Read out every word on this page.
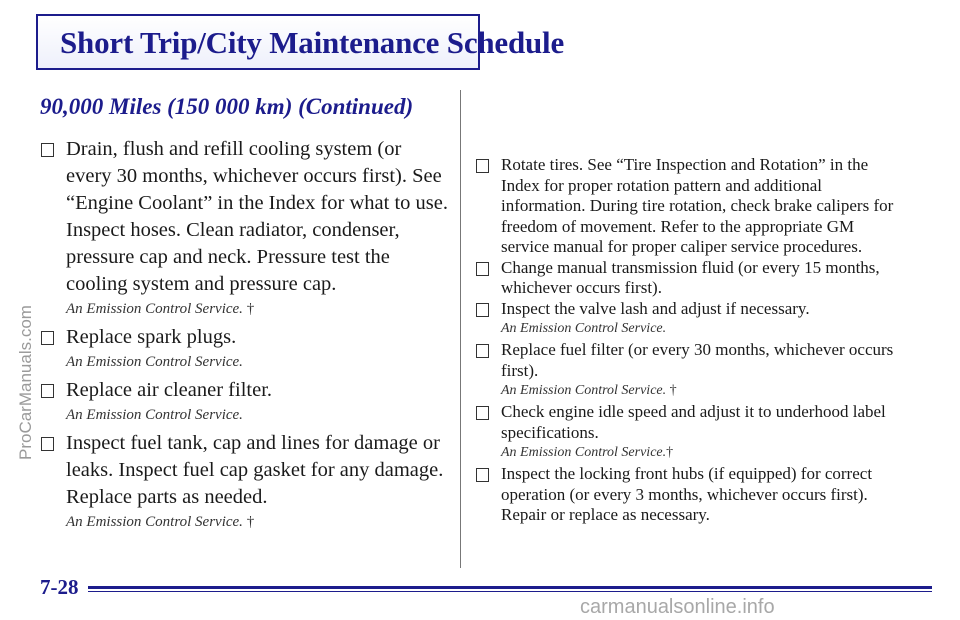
Short Trip/City Maintenance Schedule
90,000 Miles (150 000 km) (Continued)
Drain, flush and refill cooling system (or every 30 months, whichever occurs first). See “Engine Coolant” in the Index for what to use. Inspect hoses. Clean radiator, condenser, pressure cap and neck. Pressure test the cooling system and pressure cap.
An Emission Control Service. †
Replace spark plugs.
An Emission Control Service.
Replace air cleaner filter.
An Emission Control Service.
Inspect fuel tank, cap and lines for damage or leaks. Inspect fuel cap gasket for any damage. Replace parts as needed.
An Emission Control Service. †
Rotate tires. See “Tire Inspection and Rotation” in the Index for proper rotation pattern and additional information. During tire rotation, check brake calipers for freedom of movement. Refer to the appropriate GM service manual for proper caliper service procedures.
Change manual transmission fluid (or every 15 months, whichever occurs first).
Inspect the valve lash and adjust if necessary.
An Emission Control Service.
Replace fuel filter (or every 30 months, whichever occurs first).
An Emission Control Service. †
Check engine idle speed and adjust it to underhood label specifications.
An Emission Control Service.†
Inspect the locking front hubs (if equipped) for correct operation (or every 3 months, whichever occurs first). Repair or replace as necessary.
7-28
ProCarManuals.com
carmanualsonline.info
